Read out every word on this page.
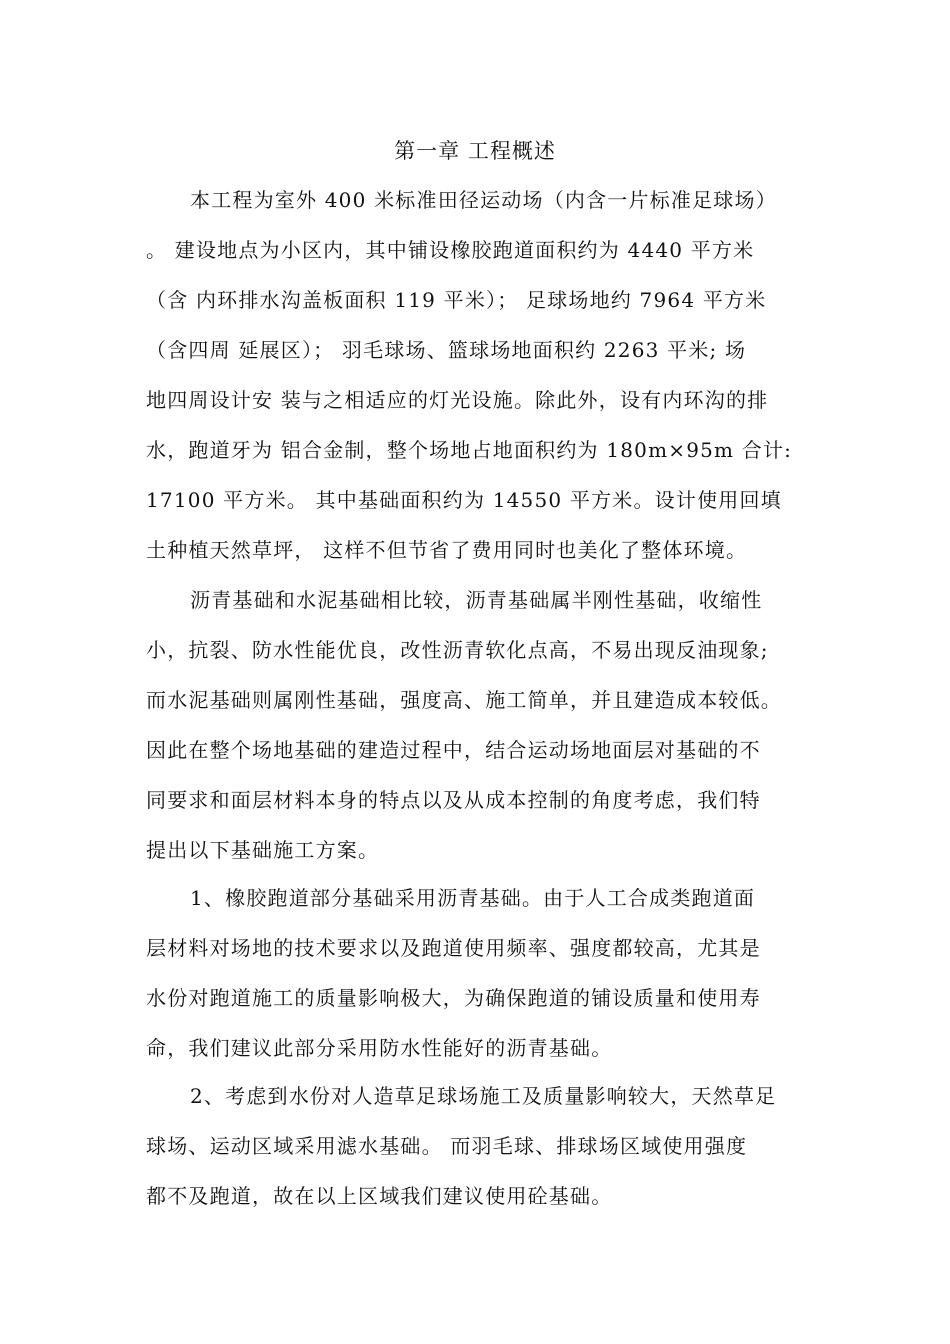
第一章 工程概述
本工程为室外 400 米标准田径运动场（内含一片标准足球场）
。 建设地点为小区内，其中铺设橡胶跑道面积约为 4440 平方米
（含 内环排水沟盖板面积 119 平米）； 足球场地约 7964 平方米
（含四周 延展区）； 羽毛球场、篮球场地面积约 2263 平米; 场
地四周设计安 装与之相适应的灯光设施。除此外，设有内环沟的排
水，跑道牙为 铝合金制，整个场地占地面积约为 180m×95m 合计:
17100 平方米。 其中基础面积约为 14550 平方米。设计使用回填
土种植天然草坪， 这样不但节省了费用同时也美化了整体环境。
沥青基础和水泥基础相比较，沥青基础属半刚性基础，收缩性
小，抗裂、防水性能优良，改性沥青软化点高，不易出现反油现象;
而水泥基础则属刚性基础，强度高、施工简单，并且建造成本较低。
因此在整个场地基础的建造过程中，结合运动场地面层对基础的不
同要求和面层材料本身的特点以及从成本控制的角度考虑，我们特
提出以下基础施工方案。
1、橡胶跑道部分基础采用沥青基础。由于人工合成类跑道面
层材料对场地的技术要求以及跑道使用频率、强度都较高，尤其是
水份对跑道施工的质量影响极大，为确保跑道的铺设质量和使用寿
命，我们建议此部分采用防水性能好的沥青基础。
2、考虑到水份对人造草足球场施工及质量影响较大，天然草足
球场、运动区域采用滤水基础。 而羽毛球、排球场区域使用强度
都不及跑道，故在以上区域我们建议使用砼基础。
